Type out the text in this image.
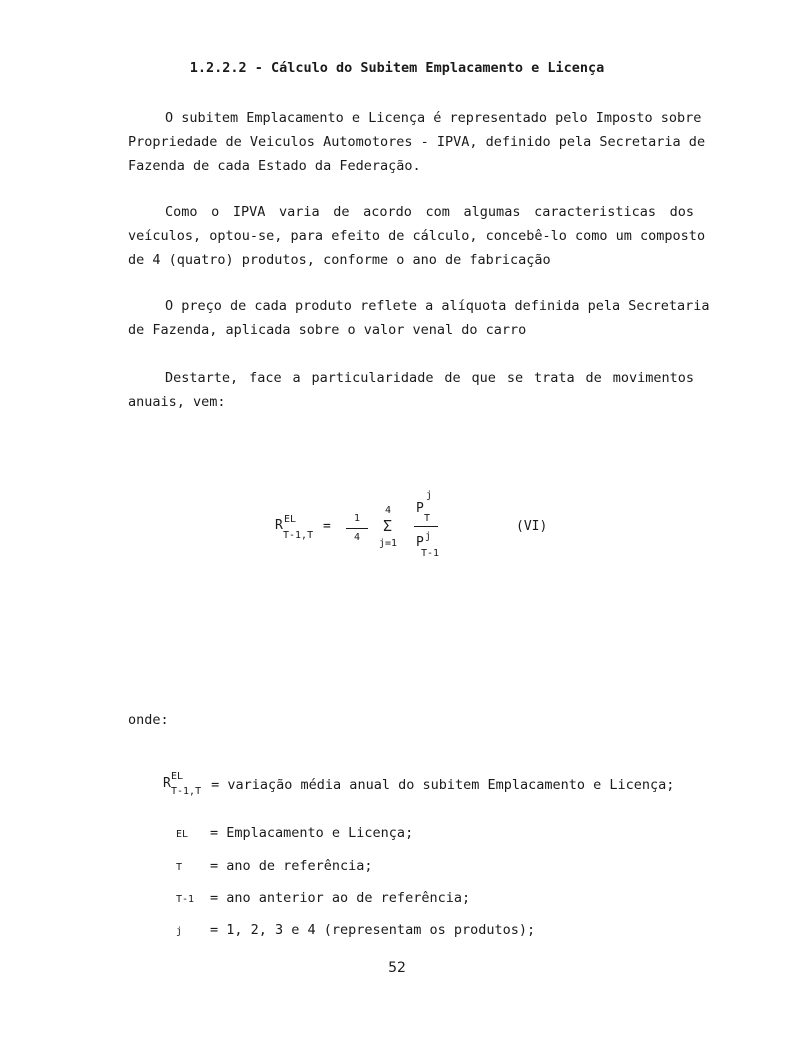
1.2.2.2 - Cálculo do Subitem Emplacamento e Licença
O subitem Emplacamento e Licença é representado pelo Imposto sobre
Propriedade de Veiculos Automotores - IPVA, definido pela Secretaria de
Fazenda de cada Estado da Federação.
Como o IPVA varia de acordo com algumas caracteristicas dos
veículos, optou-se, para efeito de cálculo, concebê-lo como um composto
de 4 (quatro) produtos, conforme o ano de fabricação
O preço de cada produto reflete a alíquota definida pela Secretaria
de Fazenda, aplicada sobre o valor venal do carro
Destarte, face a particularidade de que se trata de movimentos
anuais, vem:
R EL
T-1,T
=
1
4
4
Σ
j=1
j
P
T
P j
T-1
(VI)
onde:
R EL
T-1,T = variação média anual do subitem Emplacamento e Licença;
EL = Emplacamento e Licença;
T = ano de referência;
T-1 = ano anterior ao de referência;
j = 1, 2, 3 e 4 (representam os produtos);
52
